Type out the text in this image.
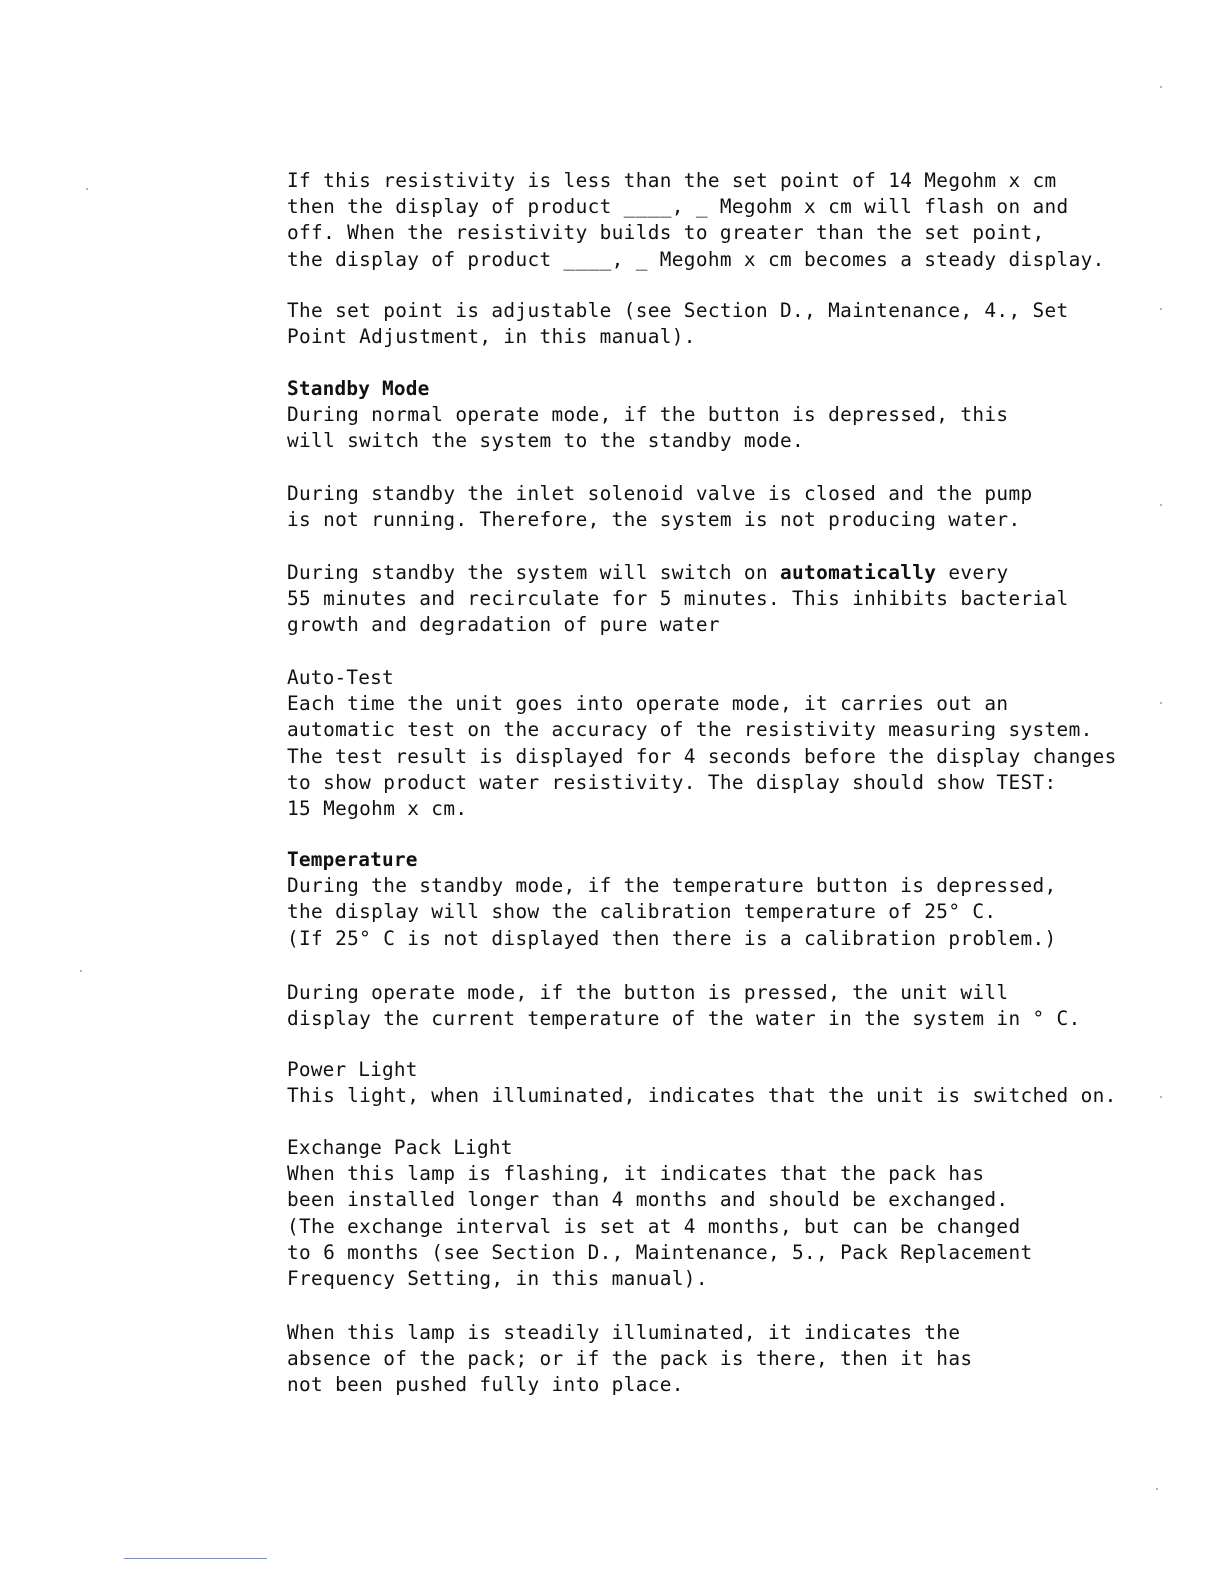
If this resistivity is less than the set point of 14 Megohm x cm
then the display of product ____, _ Megohm x cm will flash on and
off. When the resistivity builds to greater than the set point,
the display of product ____, _ Megohm x cm becomes a steady display.
The set point is adjustable (see Section D., Maintenance, 4., Set
Point Adjustment, in this manual).
Standby Mode
During normal operate mode, if the button is depressed, this
will switch the system to the standby mode.
During standby the inlet solenoid valve is closed and the pump
is not running. Therefore, the system is not producing water.
During standby the system will switch on automatically every
55 minutes and recirculate for 5 minutes. This inhibits bacterial
growth and degradation of pure water
Auto-Test
Each time the unit goes into operate mode, it carries out an
automatic test on the accuracy of the resistivity measuring system.
The test result is displayed for 4 seconds before the display changes
to show product water resistivity. The display should show TEST:
15 Megohm x cm.
Temperature
During the standby mode, if the temperature button is depressed,
the display will show the calibration temperature of 25° C.
(If 25° C is not displayed then there is a calibration problem.)
During operate mode, if the button is pressed, the unit will
display the current temperature of the water in the system in ° C.
Power Light
This light, when illuminated, indicates that the unit is switched on.
Exchange Pack Light
When this lamp is flashing, it indicates that the pack has
been installed longer than 4 months and should be exchanged.
(The exchange interval is set at 4 months, but can be changed
to 6 months (see Section D., Maintenance, 5., Pack Replacement
Frequency Setting, in this manual).
When this lamp is steadily illuminated, it indicates the
absence of the pack; or if the pack is there, then it has
not been pushed fully into place.
